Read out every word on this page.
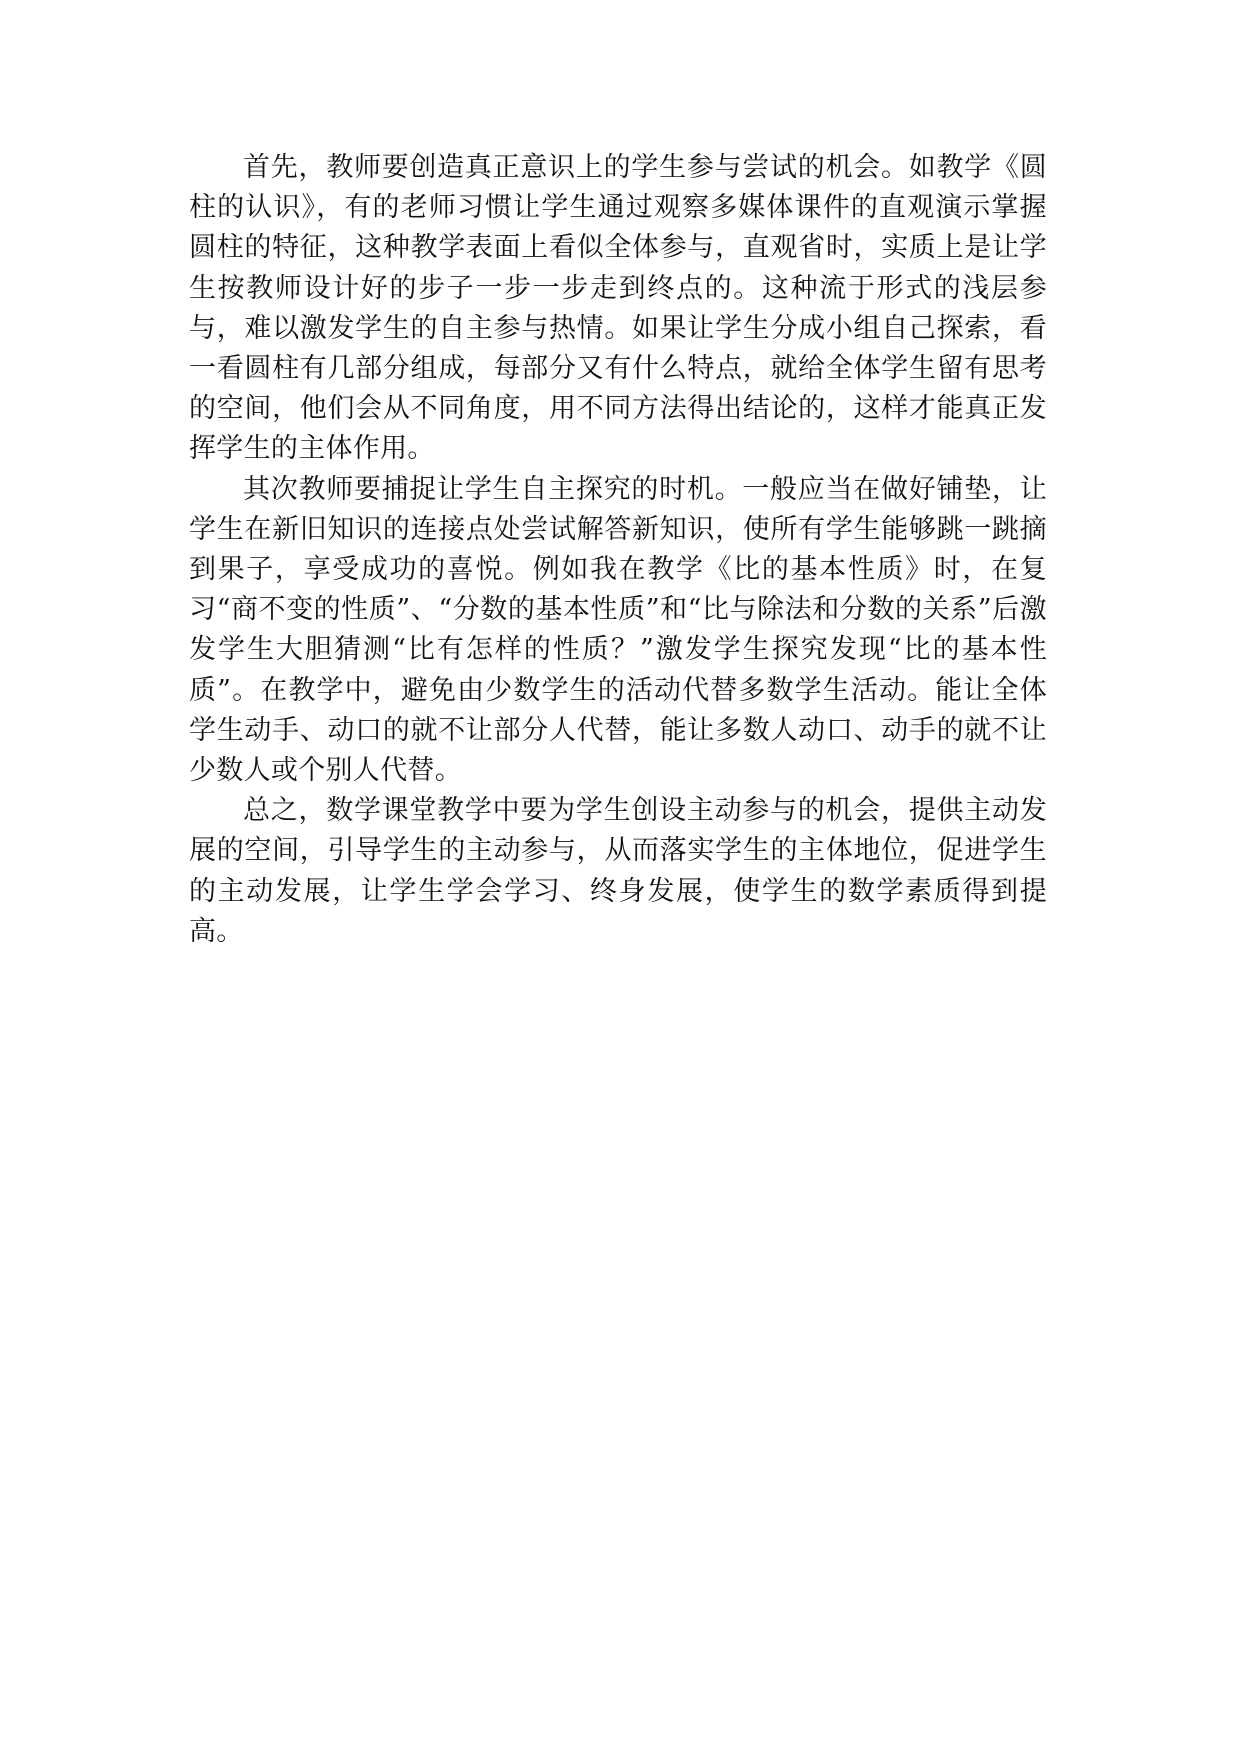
首先，教师要创造真正意识上的学生参与尝试的机会。如教学《圆柱的认识》，有的老师习惯让学生通过观察多媒体课件的直观演示掌握圆柱的特征，这种教学表面上看似全体参与，直观省时，实质上是让学生按教师设计好的步子一步一步走到终点的。这种流于形式的浅层参与，难以激发学生的自主参与热情。如果让学生分成小组自己探索，看一看圆柱有几部分组成，每部分又有什么特点，就给全体学生留有思考的空间，他们会从不同角度，用不同方法得出结论的，这样才能真正发挥学生的主体作用。

其次教师要捕捉让学生自主探究的时机。一般应当在做好铺垫，让学生在新旧知识的连接点处尝试解答新知识，使所有学生能够跳一跳摘到果子，享受成功的喜悦。例如我在教学《比的基本性质》时，在复习“商不变的性质”、“分数的基本性质”和“比与除法和分数的关系”后激发学生大胆猜测“比有怎样的性质？”激发学生探究发现“比的基本性质”。在教学中，避免由少数学生的活动代替多数学生活动。能让全体学生动手、动口的就不让部分人代替，能让多数人动口、动手的就不让少数人或个别人代替。

总之，数学课堂教学中要为学生创设主动参与的机会，提供主动发展的空间，引导学生的主动参与，从而落实学生的主体地位，促进学生的主动发展，让学生学会学习、终身发展，使学生的数学素质得到提高。
